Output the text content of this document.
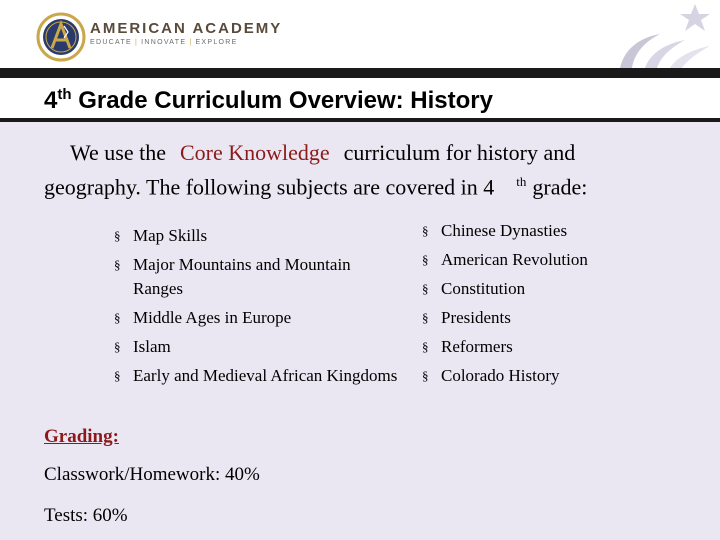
AMERICAN ACADEMY
EDUCATE | INNOVATE | EXPLORE
4th Grade Curriculum Overview: History
We use the Core Knowledge curriculum for history and
geography. The following subjects are covered in 4 $^{th}$ grade:
§ Map Skills
§ Major Mountains and Mountain Ranges
§ Middle Ages in Europe
§ Islam
§ Early and Medieval African Kingdoms
§ Chinese Dynasties
§ American Revolution
§ Constitution
§ Presidents
§ Reformers
§ Colorado History
Grading:
Classwork/Homework: 40%
Tests: 60%
